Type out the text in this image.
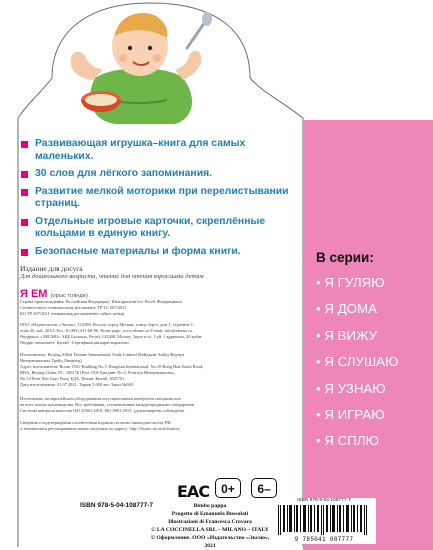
Развивающая игрушка–книга для самых маленьких.
30 слов для лёгкого запоминания.
Развитие мелкой моторики при перелистывании страниц.
Отдельные игровые карточки, скреплённые кольцами в единую книгу.
Безопасные материалы и форма книги.
Издание для досуга
Для дошкольного возраста, чтение для чтения взрослыми детям
Я ЕМ (орыс тілінде)
Страна происхождения: Российская Федерация | Шығарылған елі: Ресей Федерациясы
Соответствует техническому регламенту ТР ТС 007/2011
КО ТР 007/2011 техникалық регламентіне сәйкес келеді
ООО «Издательство «Эксмо», 123308, Россия, город Москва, улица Зорге, дом 1, строение 1,
этаж 20, каб. 2013. Тел.: 8 (495) 411-68-86. Home page: www.eksmo.ru E-mail: info@eksmo.ru
Өндіруші: «ЭКСМО» АҚБ Баспасы, Ресей, 123308, Мәскеу, Зорге к-сі, 1 үй, 1 құрылым, 20 қабат
Өндіріс мемлекеті: Қытай | Сертификация қарастырылған
Изготовитель: Beijing Allied Fortune International Trade Limited (Бейджин Элайд Форчун
Интернэшионал Трейд Лимитед)
Адрес изготовителя: Room 1501-Building No.5, Ronghua International, No.10 Rong Hua South Road,
BDA, Beijing China, PC: 100176 (Рум 1501-Билдинг No.5, Ронгхуа Интернешионал,
No.10 Ронг Хуа Саус Роад, БДА, Пекин, Китай, 100176)
Дата изготовления: 01.07.2021. Тираж 3 000 экз. Заказ №040.
Изготовлено на европейском оборудовании под тщательным контролем специалистов
на всех этапах производства. Все требования, установленные международными стандартами
Системы контроля качества ISO 45001:2018, ISO 9001:2015, удовлетворены соблюдены.
Сведения о подтверждении соответствия издания согласно законодательству РФ
о техническом регулировании можно получить по адресу: http://eksmo.ru/certification/
ЕАС	0+	6–
ISBN 978-5-04-108777-7	Bimbo pappa
Progetto di Emanuela Bussolati
Illustrazioni di Francesca Crovara
© LA COCCINELLA SRL – MILANO – ITALY
© Оформление. ООО «Издательство «Эксмо», 2021
ISBN 978-5-04-108777-7
9 785041 087777
В серии:
• Я ГУЛЯЮ
• Я ДОМА
• Я ВИЖУ
• Я СЛУШАЮ
• Я УЗНАЮ
• Я ИГРАЮ
• Я СПЛЮ
